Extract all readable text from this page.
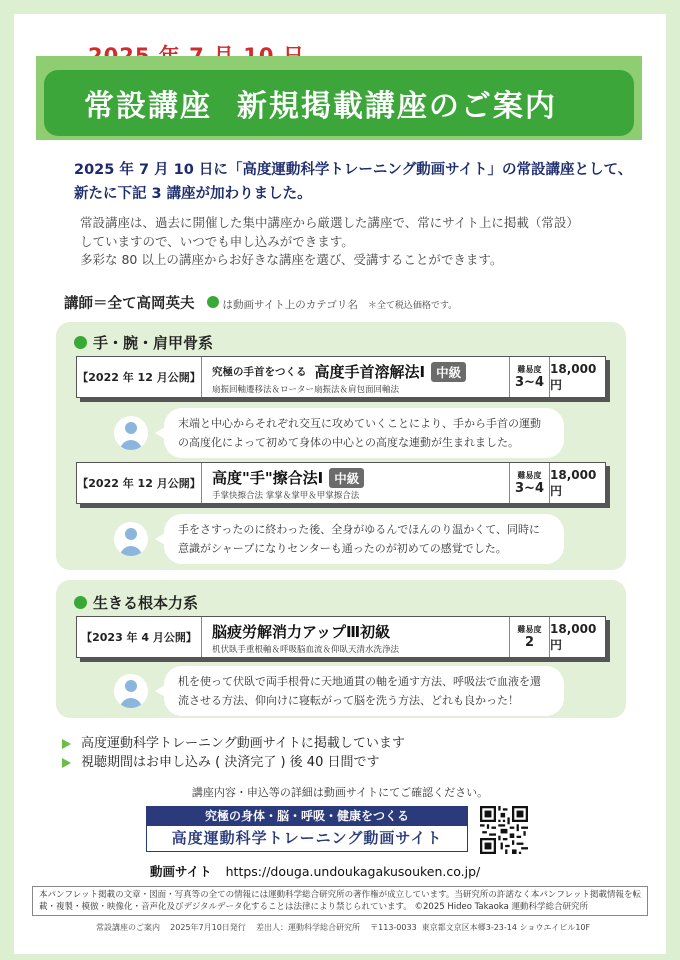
常設講座  新規掲載講座のご案内
2025 年 7 月 10 日に「高度運動科学トレーニング動画サイト」の常設講座として、新たに下記 3 講座が加わりました。
常設講座は、過去に開催した集中講座から厳選した講座で、常にサイト上に掲載（常設）
していますので、いつでも申し込みができます。
多彩な 80 以上の講座からお好きな講座を選び、受講することができます。
講師＝全て高岡英夫	は動画サイト上のカテゴリ名 ＊全て税込価格です。
手・腕・肩甲骨系
【2022 年 12 月公開】 究極の手首をつくる 高度手首溶解法Ⅰ 中級
扇振回軸遷移法＆ローター扇振法＆肩包面回軸法
難易度
3~4
18,000 円
末端と中心からそれぞれ交互に攻めていくことにより、手から手首の運動の高度化によって初めて身体の中心との高度な連動が生まれました。
【2022 年 12 月公開】 高度"手"擦合法Ⅰ 中級
手掌快擦合法 掌掌＆掌甲＆甲掌擦合法
難易度
3~4
18,000 円
手をさすったのに終わった後、全身がゆるんでほんのり温かくて、同時に意識がシャープになりセンターも通ったのが初めての感覚でした。
生きる根本力系
【2023 年 4 月公開】	脳疲労解消力アップⅢ初級
机伏臥手重根軸＆呼吸脳血流＆仰臥天清水洗浄法
難易度
2
18,000 円
机を使って伏臥で両手根骨に天地通貫の軸を通す方法、呼吸法で血液を還流させる方法、仰向けに寝転がって脳を洗う方法、どれも良かった！
高度運動科学トレーニング動画サイトに掲載しています
視聴期間はお申し込み ( 決済完了 ) 後 40 日間です
講座内容・申込等の詳細は動画サイトにてご確認ください。
究極の身体・脳・呼吸・健康をつくる
高度運動科学トレーニング動画サイト
動画サイト https://douga.undoukagakusouken.co.jp/
本パンフレット掲載の文章・図面・写真等の全ての情報には運動科学総合研究所の著作権が成立しています。当研究所の許諾なく本パンフレット掲載情報を転載・複製・模倣・映像化・音声化及びデジタルデータ化することは法律により禁じられています。 ©2025 Hideo Takaoka 運動科学総合研究所
常設講座のご案内    2025年7月10日発行    差出人：運動科学総合研究所    〒113-0033  東京都文京区本郷3-23-14 ショウエイビル10F
